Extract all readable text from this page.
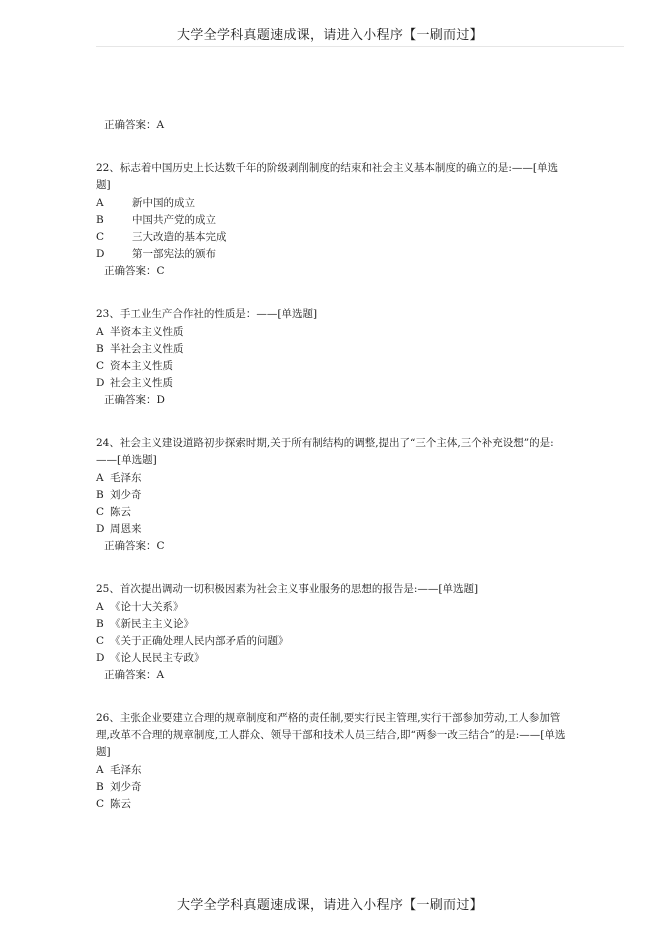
大学全学科真题速成课，请进入小程序【一刷而过】
正确答案：A
22、标志着中国历史上长达数千年的阶级剥削制度的结束和社会主义基本制度的确立的是:——[单选题]
A	新中国的成立
B	中国共产党的成立
C	三大改造的基本完成
D	第一部宪法的颁布
正确答案：C
23、手工业生产合作社的性质是：——[单选题]
A 半资本主义性质
B 半社会主义性质
C 资本主义性质
D 社会主义性质
正确答案：D
24、社会主义建设道路初步探索时期,关于所有制结构的调整,提出了“三个主体,三个补充设想”的是:——[单选题]
A 毛泽东
B 刘少奇
C 陈云
D 周恩来
正确答案：C
25、首次提出调动一切积极因素为社会主义事业服务的思想的报告是:——[单选题]
A 《论十大关系》
B 《新民主主义论》
C 《关于正确处理人民内部矛盾的问题》
D 《论人民民主专政》
正确答案：A
26、主张企业要建立合理的规章制度和严格的责任制,要实行民主管理,实行干部参加劳动,工人参加管理,改革不合理的规章制度,工人群众、领导干部和技术人员三结合,即“两参一改三结合”的是:——[单选题]
A 毛泽东
B 刘少奇
C 陈云
大学全学科真题速成课，请进入小程序【一刷而过】
